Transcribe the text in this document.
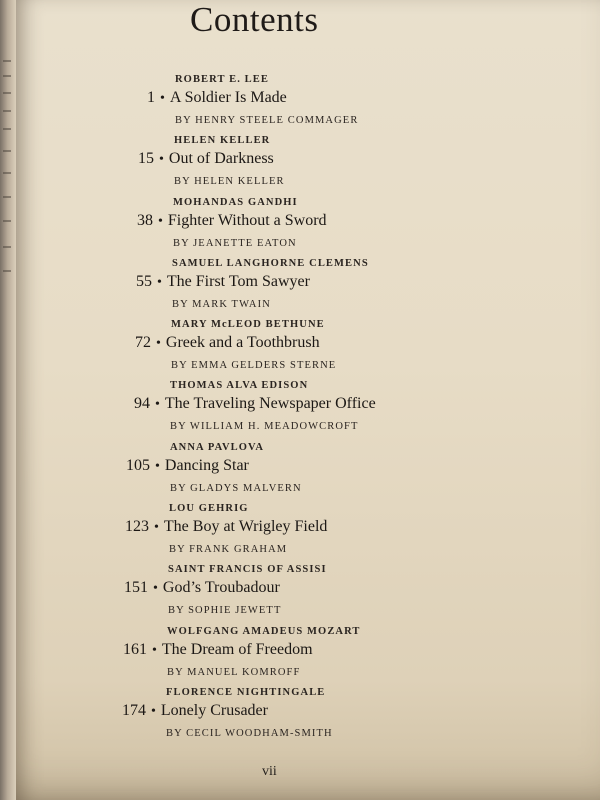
Contents
ROBERT E. LEE
1 • A Soldier Is Made
BY HENRY STEELE COMMAGER
HELEN KELLER
15 • Out of Darkness
BY HELEN KELLER
MOHANDAS GANDHI
38 • Fighter Without a Sword
BY JEANETTE EATON
SAMUEL LANGHORNE CLEMENS
55 • The First Tom Sawyer
BY MARK TWAIN
MARY McLEOD BETHUNE
72 • Greek and a Toothbrush
BY EMMA GELDERS STERNE
THOMAS ALVA EDISON
94 • The Traveling Newspaper Office
BY WILLIAM H. MEADOWCROFT
ANNA PAVLOVA
105 • Dancing Star
BY GLADYS MALVERN
LOU GEHRIG
123 • The Boy at Wrigley Field
BY FRANK GRAHAM
SAINT FRANCIS OF ASSISI
151 • God’s Troubadour
BY SOPHIE JEWETT
WOLFGANG AMADEUS MOZART
161 • The Dream of Freedom
BY MANUEL KOMROFF
FLORENCE NIGHTINGALE
174 • Lonely Crusader
BY CECIL WOODHAM-SMITH
vii
